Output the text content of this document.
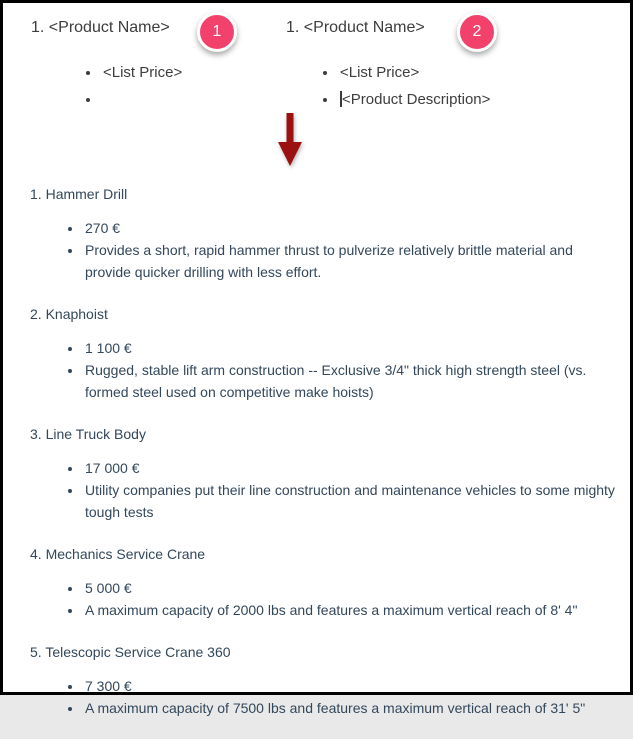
1. <Product Name>
• <List Price>
•
1	1. <Product Name>
• <List Price>
• <Product Description>
2
1. Hammer Drill
• 270 €
• Provides a short, rapid hammer thrust to pulverize relatively brittle material and provide quicker drilling with less effort.
2. Knaphoist
• 1 100 €
• Rugged, stable lift arm construction -- Exclusive 3/4" thick high strength steel (vs. formed steel used on competitive make hoists)
3. Line Truck Body
• 17 000 €
• Utility companies put their line construction and maintenance vehicles to some mighty tough tests
4. Mechanics Service Crane
• 5 000 €
• A maximum capacity of 2000 lbs and features a maximum vertical reach of 8' 4"
5. Telescopic Service Crane 360
• 7 300 €
• A maximum capacity of 7500 lbs and features a maximum vertical reach of 31' 5"
